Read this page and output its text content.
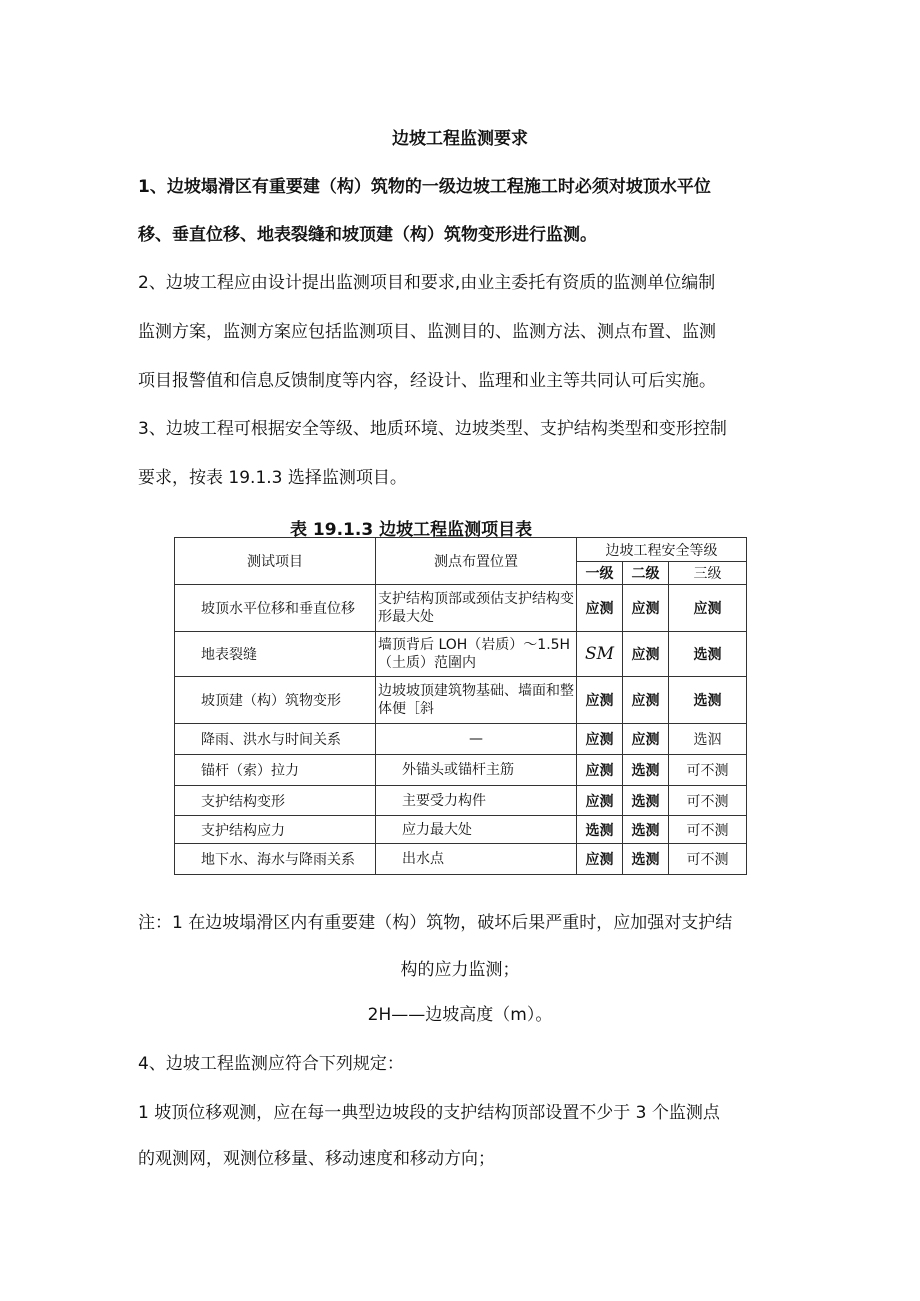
边坡工程监测要求
1、边坡塌滑区有重要建（构）筑物的一级边坡工程施工时必须对坡顶水平位
移、垂直位移、地表裂缝和坡顶建（构）筑物变形进行监测。
2、边坡工程应由设计提出监测项目和要求,由业主委托有资质的监测单位编制
监测方案，监测方案应包括监测项目、监测目的、监测方法、测点布置、监测
项目报警值和信息反馈制度等内容，经设计、监理和业主等共同认可后实施。
3、边坡工程可根据安全等级、地质环境、边坡类型、支护结构类型和变形控制
要求，按表 19.1.3 选择监测项目。
表 19.1.3 边坡工程监测项目表
测试项目	测点布置位置	边坡工程安全等级		
		一级	二级	三级
坡顶水平位移和垂直位移	支护结构顶部或颈估支护结构变形最大处	应测	应测	应测
地表裂缝	墙顶背后 LOH（岩质）～1.5H（土质）范圍内	SM	应测	选测
坡顶建（构）筑物变形	边坡坡顶建筑物基础、墙面和整体便［斜	应测	应测	选测
降雨、洪水与时间关系	—	应测	应测	选泅
锚杆（索）拉力	外锚头或锚杆主筋	应测	选测	可不测
支护结构变形	主要受力构件	应测	选测	可不测
支护结构应力	应力最大处	选测	选测	可不测
地下水、海水与降雨关系	出水点	应测	选测	可不测
注：1 在边坡塌滑区内有重要建（构）筑物，破坏后果严重时，应加强对支护结
构的应力监测；
2H——边坡高度（m）。
4、边坡工程监测应符合下列规定：
1 坡顶位移观测，应在每一典型边坡段的支护结构顶部设置不少于 3 个监测点
的观测网，观测位移量、移动速度和移动方向；
